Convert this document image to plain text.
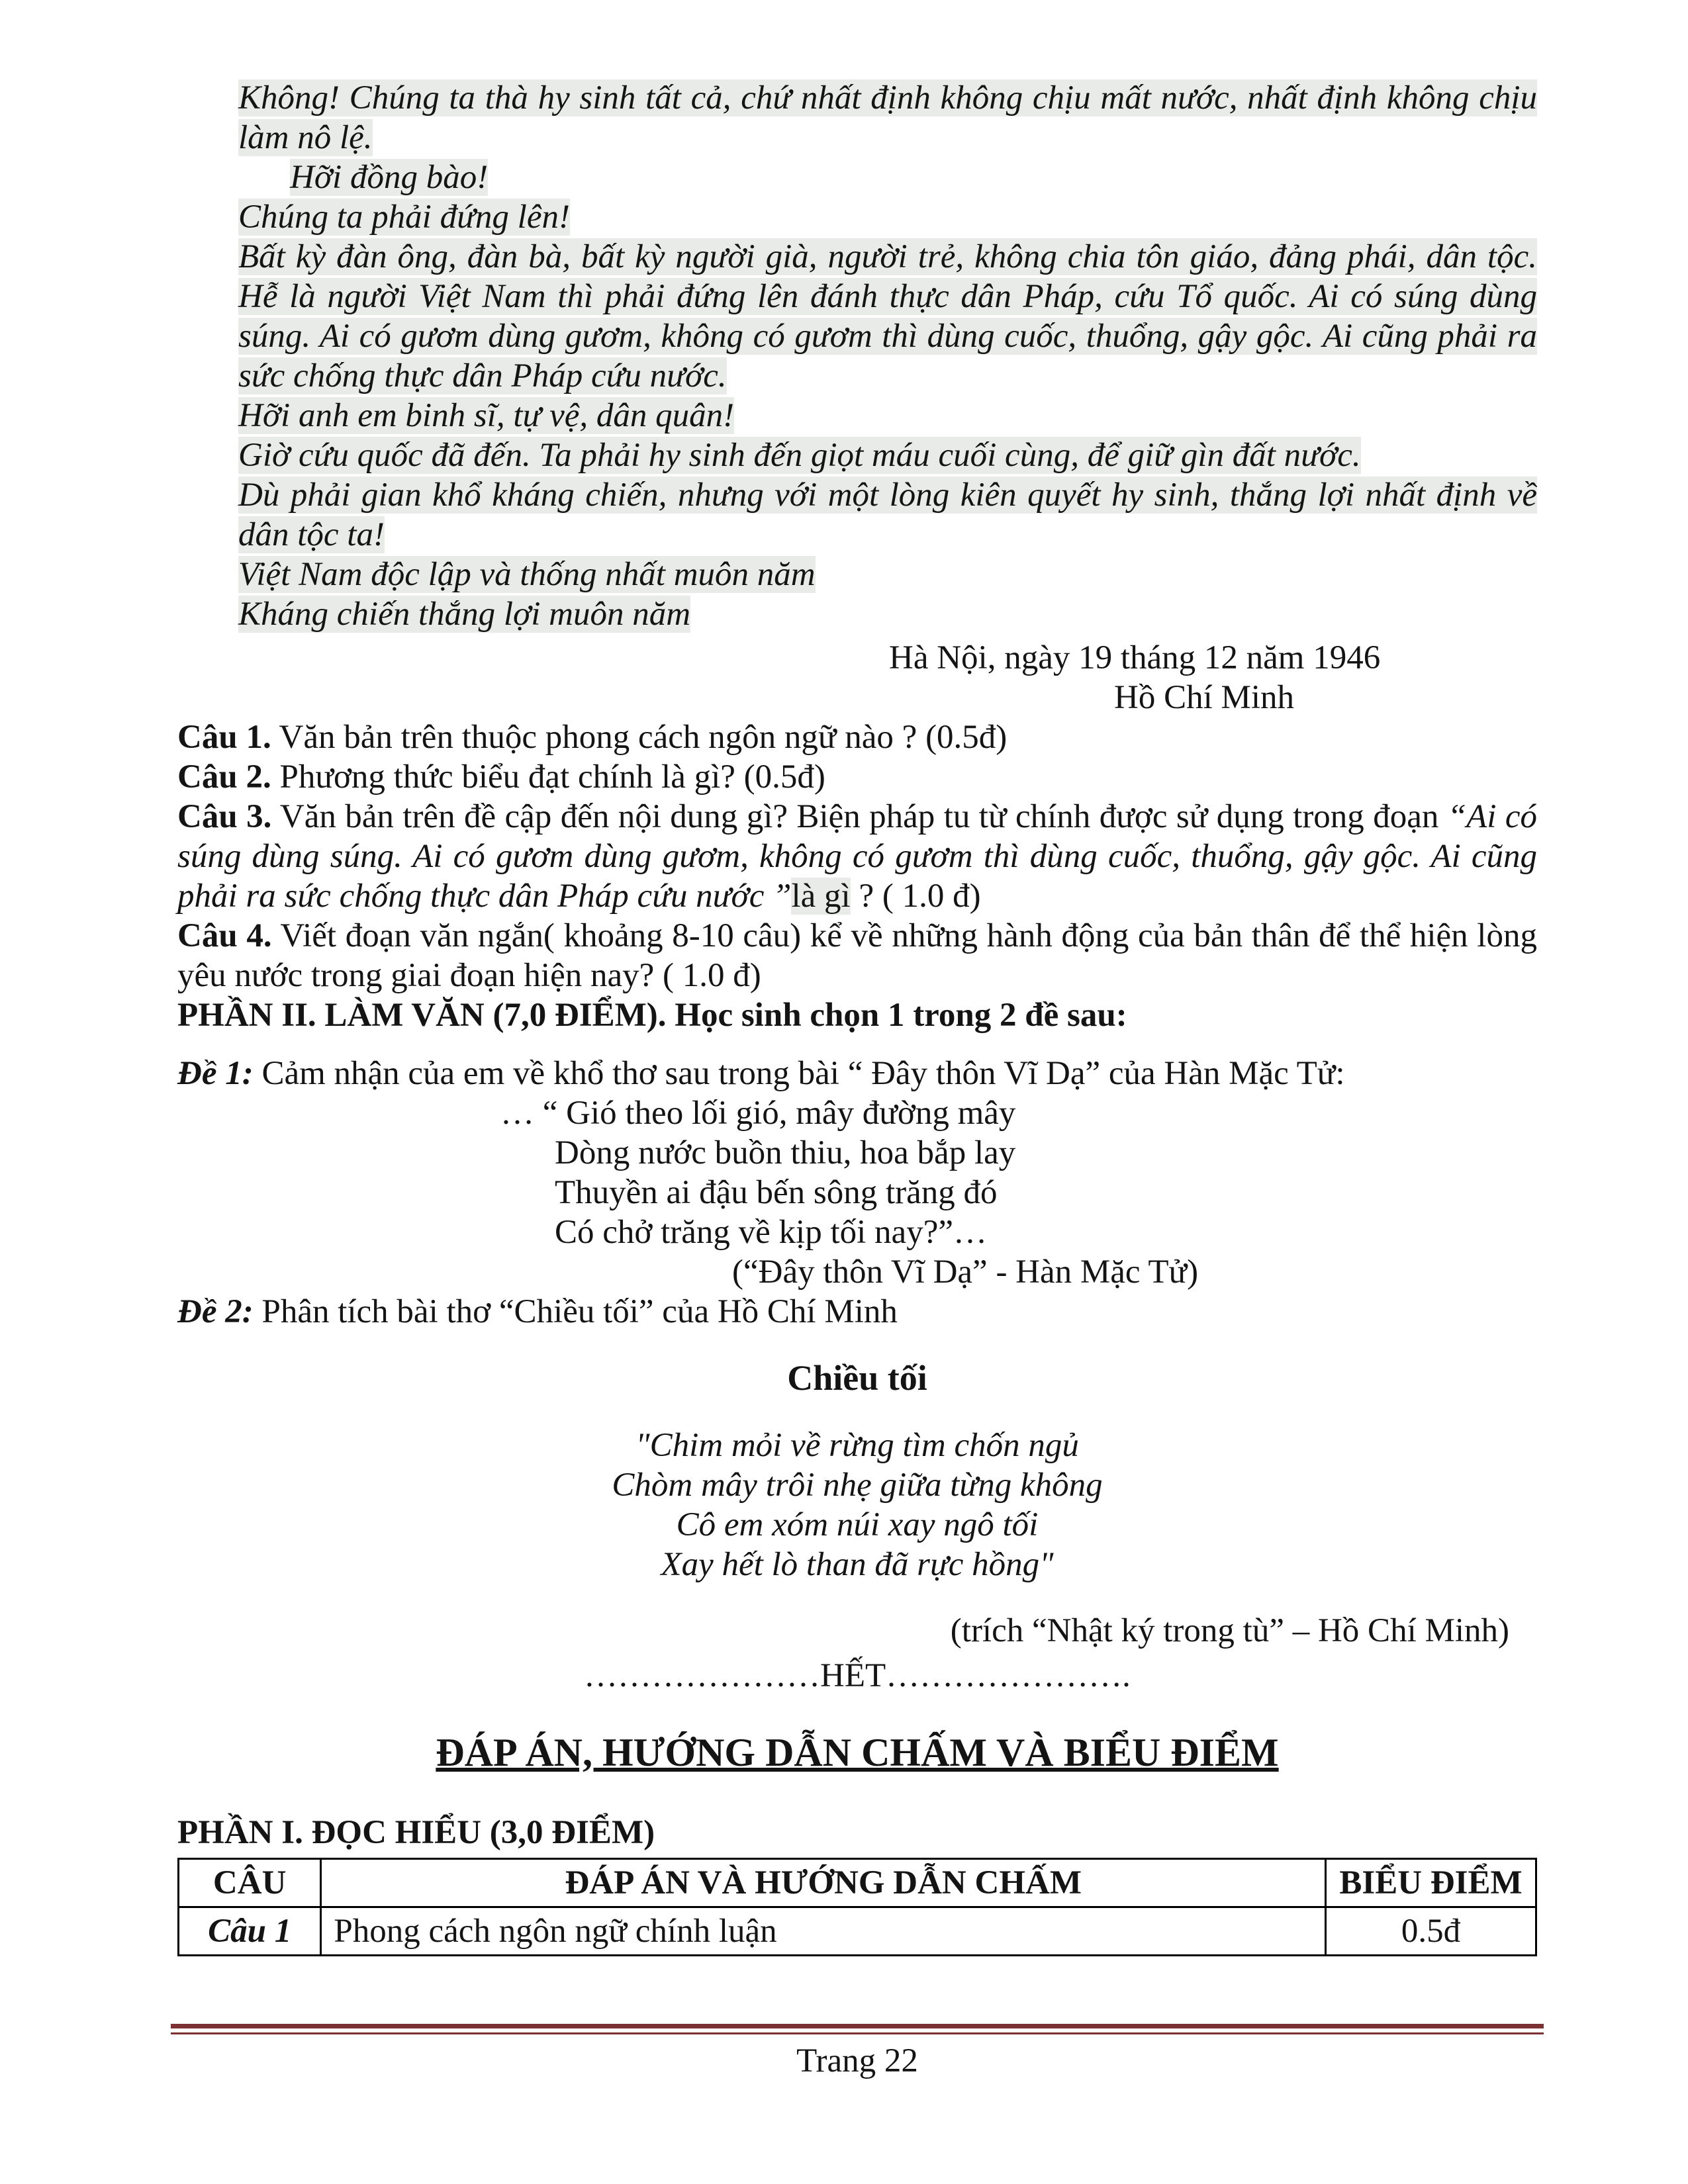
Không! Chúng ta thà hy sinh tất cả, chứ nhất định không chịu mất nước, nhất định không chịu làm nô lệ.

Hỡi đồng bào!

Chúng ta phải đứng lên!

Bất kỳ đàn ông, đàn bà, bất kỳ người già, người trẻ, không chia tôn giáo, đảng phái, dân tộc. Hễ là người Việt Nam thì phải đứng lên đánh thực dân Pháp, cứu Tổ quốc. Ai có súng dùng súng. Ai có gươm dùng gươm, không có gươm thì dùng cuốc, thuổng, gậy gộc. Ai cũng phải ra sức chống thực dân Pháp cứu nước.

Hỡi anh em binh sĩ, tự vệ, dân quân!

Giờ cứu quốc đã đến. Ta phải hy sinh đến giọt máu cuối cùng, để giữ gìn đất nước.

Dù phải gian khổ kháng chiến, nhưng với một lòng kiên quyết hy sinh, thắng lợi nhất định về dân tộc ta!

Việt Nam độc lập và thống nhất muôn năm

Kháng chiến thắng lợi muôn năm

Hà Nội, ngày 19 tháng 12 năm 1946

Hồ Chí Minh

Câu 1. Văn bản trên thuộc phong cách ngôn ngữ nào ? (0.5đ)

Câu 2. Phương thức biểu đạt chính là gì? (0.5đ)

Câu 3. Văn bản trên đề cập đến nội dung gì? Biện pháp tu từ chính được sử dụng trong đoạn “Ai có súng dùng súng. Ai có gươm dùng gươm, không có gươm thì dùng cuốc, thuổng, gậy gộc. Ai cũng phải ra sức chống thực dân Pháp cứu nước ”là gì ? ( 1.0 đ)

Câu 4. Viết đoạn văn ngắn( khoảng 8-10 câu) kể về những hành động của bản thân để thể hiện lòng yêu nước trong giai đoạn hiện nay? ( 1.0 đ)

PHẦN II. LÀM VĂN (7,0 ĐIỂM). Học sinh chọn 1 trong 2 đề sau:

Đề 1: Cảm nhận của em về khổ thơ sau trong bài “ Đây thôn Vĩ Dạ” của Hàn Mặc Tử:

… “ Gió theo lối gió, mây đường mây
Dòng nước buồn thiu, hoa bắp lay
Thuyền ai đậu bến sông trăng đó
Có chở trăng về kịp tối nay?”…
(“Đây thôn Vĩ Dạ” - Hàn Mặc Tử)

Đề 2: Phân tích bài thơ “Chiều tối” của Hồ Chí Minh

Chiều tối
"Chim mỏi về rừng tìm chốn ngủ
Chòm mây trôi nhẹ giữa từng không
Cô em xóm núi xay ngô tối
Xay hết lò than đã rực hồng"
(trích “Nhật ký trong tù” – Hồ Chí Minh)
…………………HẾT………………….
ĐÁP ÁN, HƯỚNG DẪN CHẤM VÀ BIỂU ĐIỂM

PHẦN I. ĐỌC HIỂU (3,0 ĐIỂM)

CÂU	ĐÁP ÁN VÀ HƯỚNG DẪN CHẤM	BIỂU ĐIỂM
Câu 1	Phong cách ngôn ngữ chính luận	0.5đ
Trang 22
